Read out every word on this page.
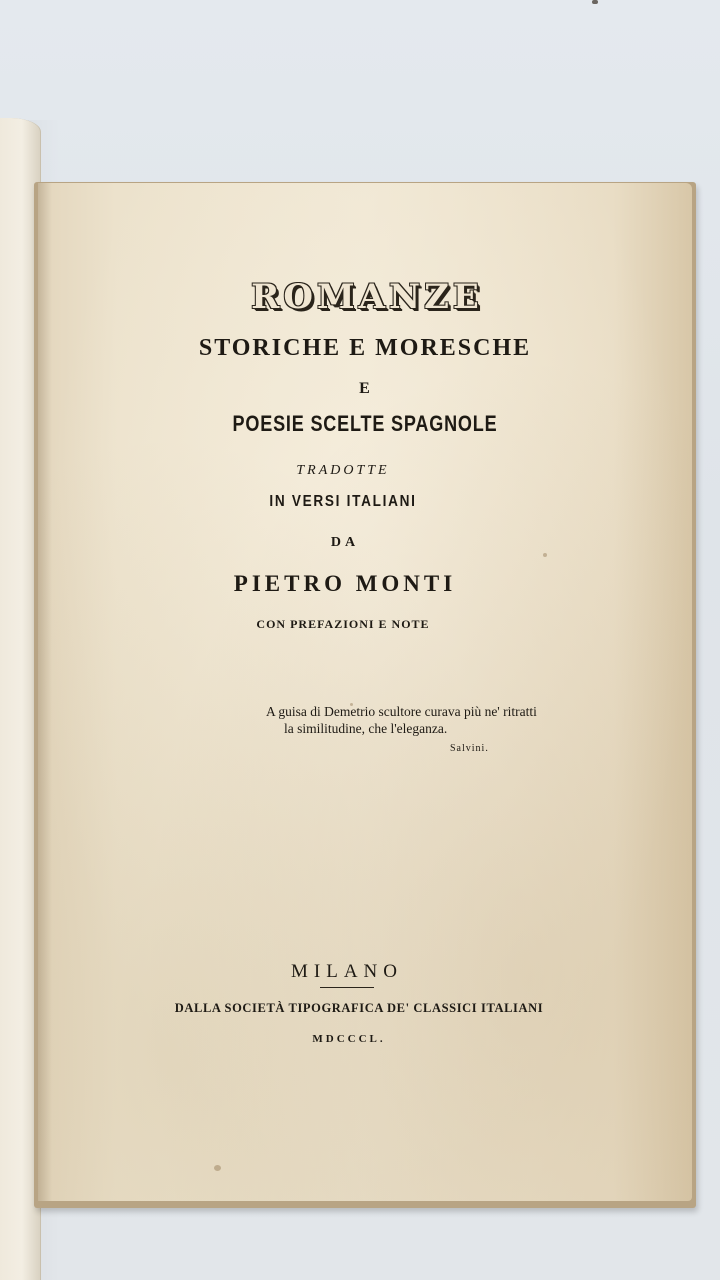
ROMANZE
STORICHE E MORESCHE
E
POESIE SCELTE SPAGNOLE
TRADOTTE
IN VERSI ITALIANI
DA
PIETRO MONTI
CON PREFAZIONI E NOTE
A guisa di Demetrio scultore curava più ne' ritratti
la similitudine, che l'eleganza.
Salvini.
MILANO
DALLA SOCIETÀ TIPOGRAFICA DE' CLASSICI ITALIANI
MDCCCL.
